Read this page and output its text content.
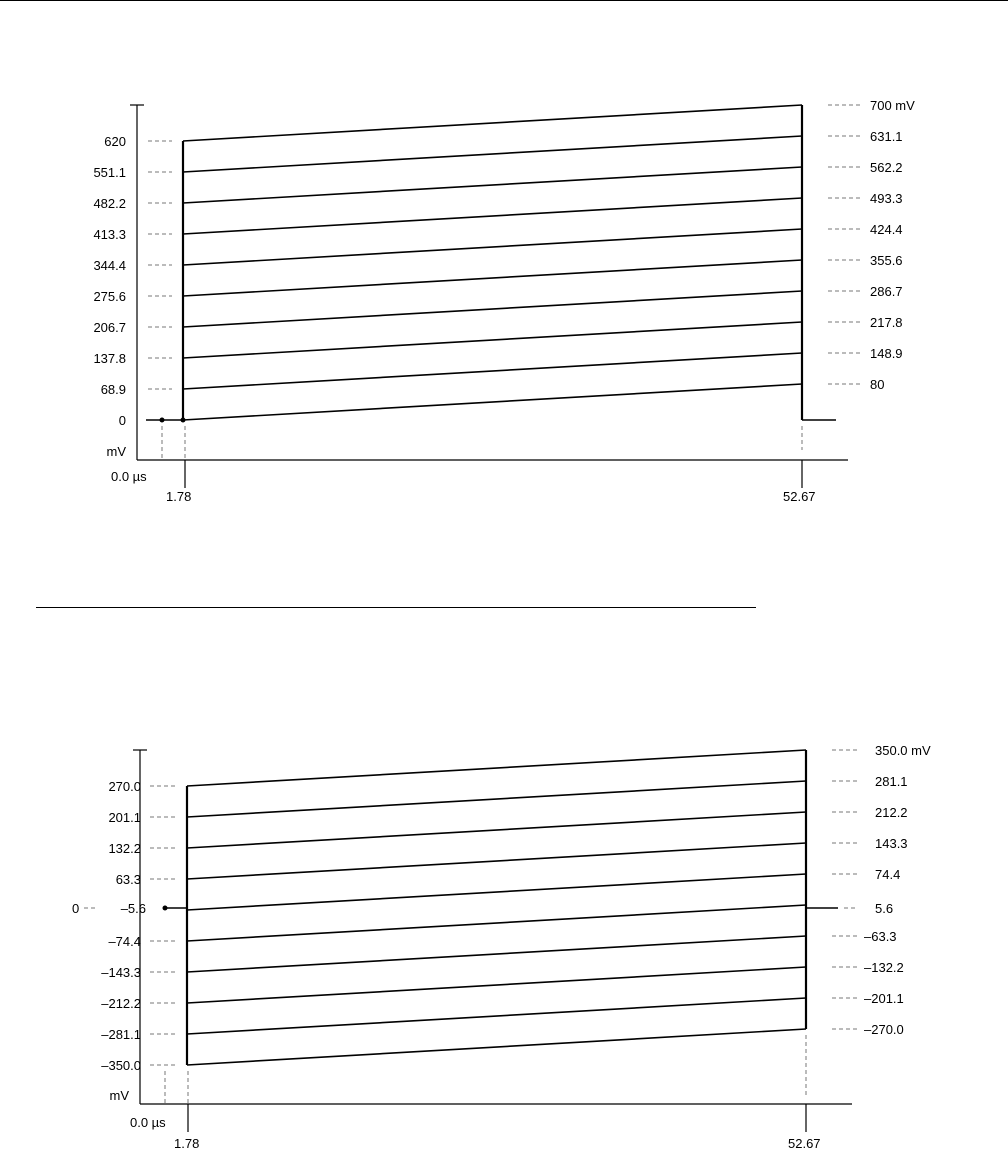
620
551.1
482.2
413.3
344.4
275.6
206.7
137.8
68.9
0
700 mV
631.1
562.2
493.3
424.4
355.6
286.7
217.8
148.9
80
mV
0.0 µs
1.78	52.67
0
270.0
201.1
132.2
63.3
–5.6
–74.4
–143.3
–212.2
–281.1
–350.0
350.0 mV
281.1
212.2
143.3
74.4
5.6
–63.3
–132.2
–201.1
–270.0
mV
0.0 µs
1.78	52.67
